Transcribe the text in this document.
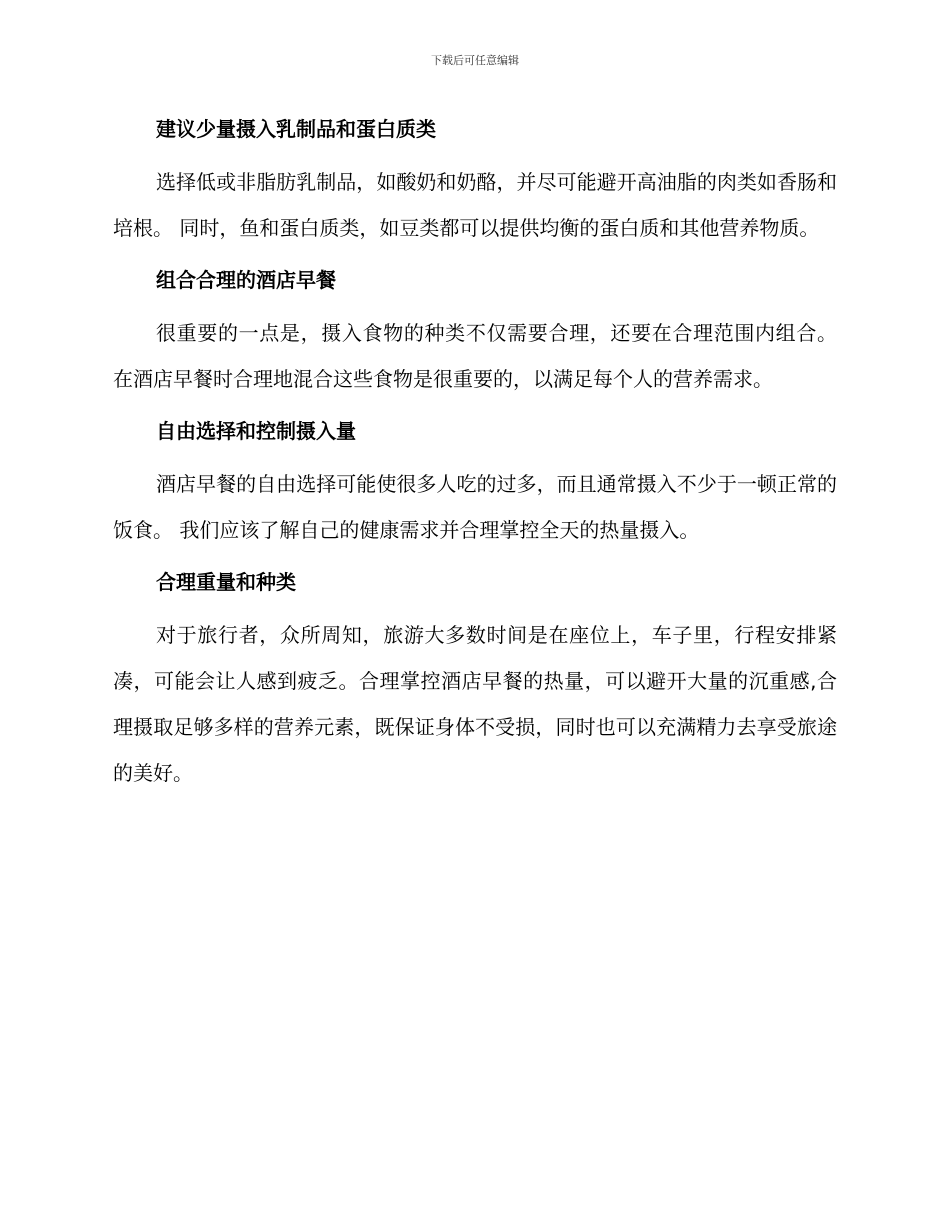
下载后可任意编辑
建议少量摄入乳制品和蛋白质类

选择低或非脂肪乳制品，如酸奶和奶酪，并尽可能避开高油脂的肉类如香肠和培根。 同时，鱼和蛋白质类，如豆类都可以提供均衡的蛋白质和其他营养物质。

组合合理的酒店早餐

很重要的一点是，摄入食物的种类不仅需要合理，还要在合理范围内组合。 在酒店早餐时合理地混合这些食物是很重要的，以满足每个人的营养需求。

自由选择和控制摄入量

酒店早餐的自由选择可能使很多人吃的过多，而且通常摄入不少于一顿正常的饭食。 我们应该了解自己的健康需求并合理掌控全天的热量摄入。

合理重量和种类

对于旅行者，众所周知，旅游大多数时间是在座位上，车子里，行程安排紧凑，可能会让人感到疲乏。合理掌控酒店早餐的热量，可以避开大量的沉重感,合理摄取足够多样的营养元素，既保证身体不受损，同时也可以充满精力去享受旅途的美好。
